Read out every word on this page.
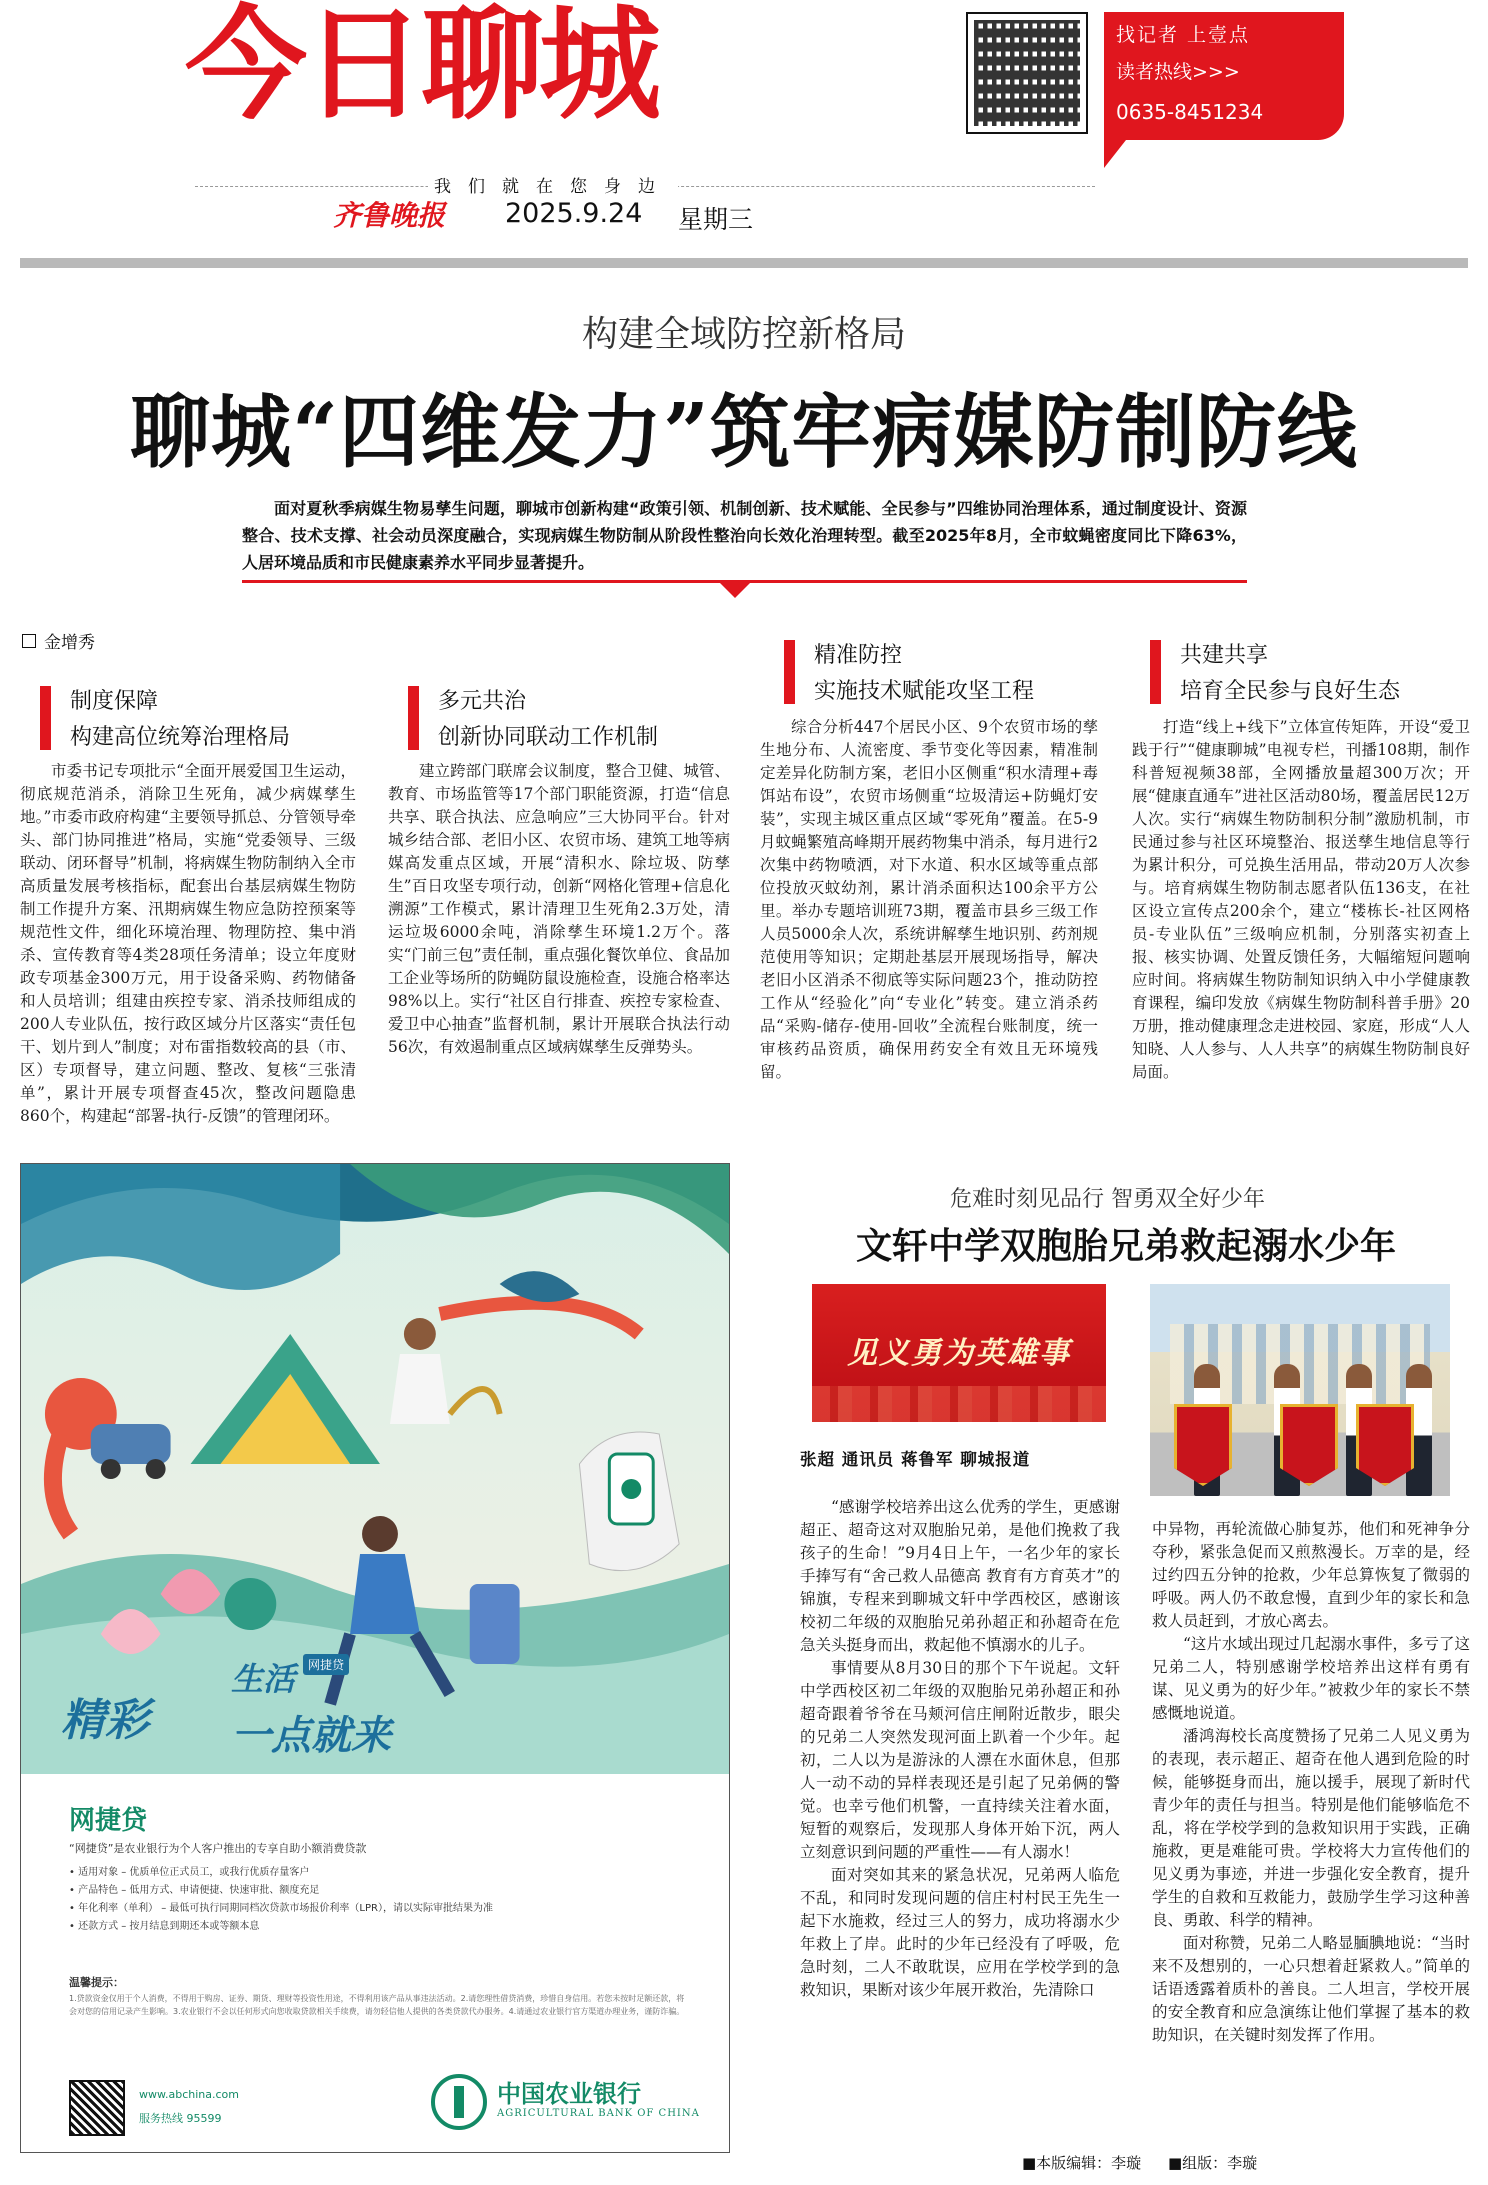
今日聊城	找记者 上壹点
读者热线>>>
0635-8451234
我们就在您身边
齐鲁晚报 2025.9.24 星期三
构建全域防控新格局
聊城“四维发力”筑牢病媒防制防线
面对夏秋季病媒生物易孳生问题，聊城市创新构建“政策引领、机制创新、技术赋能、全民参与”四维协同治理体系，通过制度设计、资源整合、技术支撑、社会动员深度融合，实现病媒生物防制从阶段性整治向长效化治理转型。截至2025年8月，全市蚊蝇密度同比下降63%，人居环境品质和市民健康素养水平同步显著提升。
金增秀
制度保障
构建高位统筹治理格局
市委书记专项批示“全面开展爱国卫生运动，彻底规范消杀，消除卫生死角，减少病媒孳生地。”市委市政府构建“主要领导抓总、分管领导牵头、部门协同推进”格局，实施“党委领导、三级联动、闭环督导”机制，将病媒生物防制纳入全市高质量发展考核指标，配套出台基层病媒生物防制工作提升方案、汛期病媒生物应急防控预案等规范性文件，细化环境治理、物理防控、集中消杀、宣传教育等4类28项任务清单；设立年度财政专项基金300万元，用于设备采购、药物储备和人员培训；组建由疾控专家、消杀技师组成的200人专业队伍，按行政区域分片区落实“责任包干、划片到人”制度；对布雷指数较高的县（市、区）专项督导，建立问题、整改、复核“三张清单”，累计开展专项督查45次，整改问题隐患860个，构建起“部署-执行-反馈”的管理闭环。
多元共治
创新协同联动工作机制
建立跨部门联席会议制度，整合卫健、城管、教育、市场监管等17个部门职能资源，打造“信息共享、联合执法、应急响应”三大协同平台。针对城乡结合部、老旧小区、农贸市场、建筑工地等病媒高发重点区域，开展“清积水、除垃圾、防孳生”百日攻坚专项行动，创新“网格化管理+信息化溯源”工作模式，累计清理卫生死角2.3万处，清运垃圾6000余吨，消除孳生环境1.2万个。落实“门前三包”责任制，重点强化餐饮单位、食品加工企业等场所的防蝇防鼠设施检查，设施合格率达98%以上。实行“社区自行排查、疾控专家检查、爱卫中心抽查”监督机制，累计开展联合执法行动56次，有效遏制重点区域病媒孳生反弹势头。
精准防控
实施技术赋能攻坚工程
综合分析447个居民小区、9个农贸市场的孳生地分布、人流密度、季节变化等因素，精准制定差异化防制方案，老旧小区侧重“积水清理+毒饵站布设”，农贸市场侧重“垃圾清运+防蝇灯安装”，实现主城区重点区域“零死角”覆盖。在5-9月蚊蝇繁殖高峰期开展药物集中消杀，每月进行2次集中药物喷洒，对下水道、积水区域等重点部位投放灭蚊幼剂，累计消杀面积达100余平方公里。举办专题培训班73期，覆盖市县乡三级工作人员5000余人次，系统讲解孳生地识别、药剂规范使用等知识；定期赴基层开展现场指导，解决老旧小区消杀不彻底等实际问题23个，推动防控工作从“经验化”向“专业化”转变。建立消杀药品“采购-储存-使用-回收”全流程台账制度，统一审核药品资质，确保用药安全有效且无环境残留。
共建共享
培育全民参与良好生态
打造“线上+线下”立体宣传矩阵，开设“爱卫践于行”“健康聊城”电视专栏，刊播108期，制作科普短视频38部，全网播放量超300万次；开展“健康直通车”进社区活动80场，覆盖居民12万人次。实行“病媒生物防制积分制”激励机制，市民通过参与社区环境整治、报送孳生地信息等行为累计积分，可兑换生活用品，带动20万人次参与。培育病媒生物防制志愿者队伍136支，在社区设立宣传点200余个，建立“楼栋长-社区网格员-专业队伍”三级响应机制，分别落实初查上报、核实协调、处置反馈任务，大幅缩短问题响应时间。将病媒生物防制知识纳入中小学健康教育课程，编印发放《病媒生物防制科普手册》20万册，推动健康理念走进校园、家庭，形成“人人知晓、人人参与、人人共享”的病媒生物防制良好局面。
精彩
生活	网捷贷
一点就来
网捷贷
“网捷贷”是农业银行为个人客户推出的专享自助小额消费贷款
• 适用对象 – 优质单位正式员工，或我行优质存量客户
• 产品特色 – 低用方式、申请便捷、快速审批、额度充足
• 年化利率（单利） – 最低可执行同期同档次贷款市场报价利率（LPR），请以实际审批结果为准
• 还款方式 – 按月结息到期还本或等额本息
温馨提示：
1.贷款资金仅用于个人消费，不得用于购房、证券、期货、理财等投资性用途，不得利用该产品从事违法活动。2.请您理性借贷消费，珍惜自身信用。若您未按时足额还款，将会对您的信用记录产生影响。3.农业银行不会以任何形式向您收取贷款相关手续费，请勿轻信他人提供的各类贷款代办服务。4.请通过农业银行官方渠道办理业务，谨防诈骗。
www.abchina.com
服务热线 95599
中国农业银行
AGRICULTURAL BANK OF CHINA
危难时刻见品行 智勇双全好少年
文轩中学双胞胎兄弟救起溺水少年
见义勇为英雄事
张超 通讯员 蒋鲁军 聊城报道

“感谢学校培养出这么优秀的学生，更感谢超正、超奇这对双胞胎兄弟，是他们挽救了我孩子的生命！”9月4日上午，一名少年的家长手捧写有“舍己救人品德高 教育有方育英才”的锦旗，专程来到聊城文轩中学西校区，感谢该校初二年级的双胞胎兄弟孙超正和孙超奇在危急关头挺身而出，救起他不慎溺水的儿子。

事情要从8月30日的那个下午说起。文轩中学西校区初二年级的双胞胎兄弟孙超正和孙超奇跟着爷爷在马颊河信庄闸附近散步，眼尖的兄弟二人突然发现河面上趴着一个少年。起初，二人以为是游泳的人漂在水面休息，但那人一动不动的异样表现还是引起了兄弟俩的警觉。也幸亏他们机警，一直持续关注着水面，短暂的观察后，发现那人身体开始下沉，两人立刻意识到问题的严重性——有人溺水！

面对突如其来的紧急状况，兄弟两人临危不乱，和同时发现问题的信庄村村民王先生一起下水施救，经过三人的努力，成功将溺水少年救上了岸。此时的少年已经没有了呼吸，危急时刻，二人不敢耽误，应用在学校学到的急救知识，果断对该少年展开救治，先清除口

中异物，再轮流做心肺复苏，他们和死神争分夺秒，紧张急促而又煎熬漫长。万幸的是，经过约四五分钟的抢救，少年总算恢复了微弱的呼吸。两人仍不敢怠慢，直到少年的家长和急救人员赶到，才放心离去。

“这片水域出现过几起溺水事件，多亏了这兄弟二人，特别感谢学校培养出这样有勇有谋、见义勇为的好少年。”被救少年的家长不禁感慨地说道。

潘鸿海校长高度赞扬了兄弟二人见义勇为的表现，表示超正、超奇在他人遇到危险的时候，能够挺身而出，施以援手，展现了新时代青少年的责任与担当。特别是他们能够临危不乱，将在学校学到的急救知识用于实践，正确施救，更是难能可贵。学校将大力宣传他们的见义勇为事迹，并进一步强化安全教育，提升学生的自救和互救能力，鼓励学生学习这种善良、勇敢、科学的精神。

面对称赞，兄弟二人略显腼腆地说：“当时来不及想别的，一心只想着赶紧救人。”简单的话语透露着质朴的善良。二人坦言，学校开展的安全教育和应急演练让他们掌握了基本的救助知识，在关键时刻发挥了作用。

■本版编辑：李璇 ■组版：李璇
